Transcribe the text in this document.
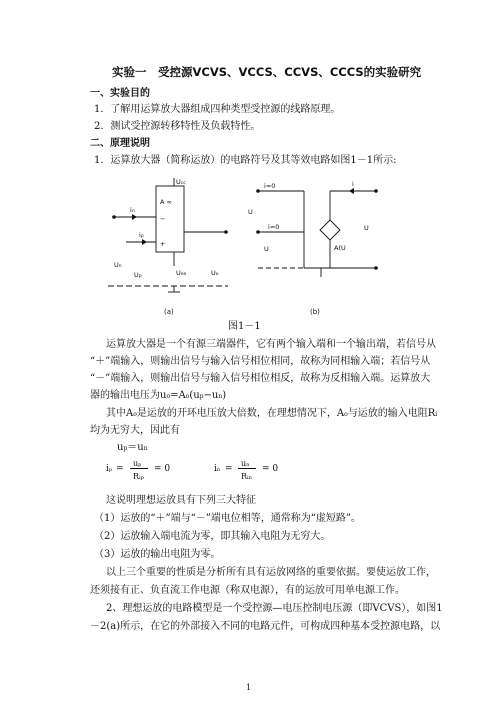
实验一　受控源VCVS、VCCS、CCVS、CCCS的实验研究
一、实验目的
1．了解用运算放大器组成四种类型受控源的线路原理。
2．测试受控源转移特性及负载特性。
二、原理说明
1．运算放大器（简称运放）的电路符号及其等效电路如图1－1所示:
Ucc
A ∞
−
+
in
ip
Un
Up	Uee	Uo
i=0
i=0
U
U	A(U
i
U
(a)	(b)
图1－1
运算放大器是一个有源三端器件，它有两个输入端和一个输出端，若信号从
“＋”端输入，则输出信号与输入信号相位相同，故称为同相输入端；若信号从
“－”端输入，则输出信号与输入信号相位相反，故称为反相输入端。运算放大
器的输出电压为uo=Ao(up−un)
其中Ao是运放的开环电压放大倍数，在理想情况下，Ao与运放的输入电阻Ri
均为无穷大，因此有
up＝un
ip =
up
Rip
= 0	in =
un
Rin
= 0
这说明理想运放具有下列三大特征
（1）运放的“＋”端与“－”端电位相等，通常称为“虚短路”。
（2）运放输入端电流为零，即其输入电阻为无穷大。
（3）运放的输出电阻为零。
以上三个重要的性质是分析所有具有运放网络的重要依据。要使运放工作，
还须接有正、负直流工作电源（称双电源），有的运放可用单电源工作。
2、理想运放的电路模型是一个受控源—电压控制电压源（即VCVS），如图1
－2(a)所示，在它的外部接入不同的电路元件，可构成四种基本受控源电路，以
1
